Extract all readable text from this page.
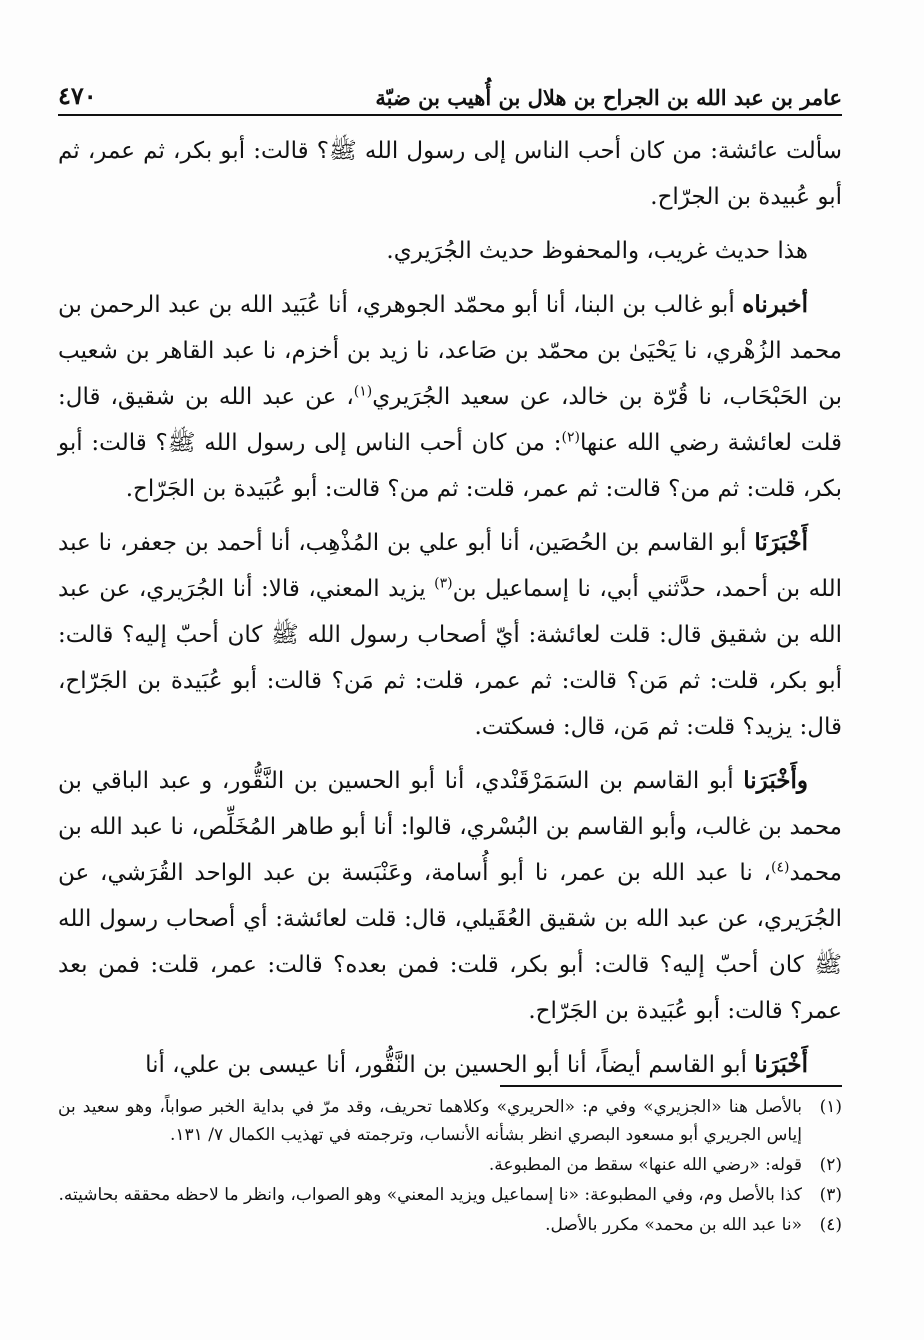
عامر بن عبد الله بن الجراح بن هلال بن أُهيب بن ضبّة
٤٧٠

سألت عائشة: من كان أحب الناس إلى رسول الله ﷺ؟ قالت: أبو بكر، ثم عمر، ثم أبو عُبيدة بن الجرّاح.

هذا حديث غريب، والمحفوظ حديث الجُرَيري.

أخبرناه أبو غالب بن البنا، أنا أبو محمّد الجوهري، أنا عُبَيد الله بن عبد الرحمن بن محمد الزُهْري، نا يَحْيَىٰ بن محمّد بن صَاعد، نا زيد بن أخزم، نا عبد القاهر بن شعيب بن الحَبْحَاب، نا قُرّة بن خالد، عن سعيد الجُرَيري$^{(١)}$، عن عبد الله بن شقيق، قال: قلت لعائشة رضي الله عنها$^{(٢)}$: من كان أحب الناس إلى رسول الله ﷺ؟ قالت: أبو بكر، قلت: ثم من؟ قالت: ثم عمر، قلت: ثم من؟ قالت: أبو عُبَيدة بن الجَرّاح.

أَخْبَرَنَا أبو القاسم بن الحُصَين، أنا أبو علي بن المُذْهِب، أنا أحمد بن جعفر، نا عبد الله بن أحمد، حدَّثني أبي، نا إسماعيل بن$^{(٣)}$ يزيد المعني، قالا: أنا الجُرَيري، عن عبد الله بن شقيق قال: قلت لعائشة: أيّ أصحاب رسول الله ﷺ كان أحبّ إليه؟ قالت: أبو بكر، قلت: ثم مَن؟ قالت: ثم عمر، قلت: ثم مَن؟ قالت: أبو عُبَيدة بن الجَرّاح، قال: يزيد؟ قلت: ثم مَن، قال: فسكتت.

وأَخْبَرَنا أبو القاسم بن السَمَرْقَنْدي، أنا أبو الحسين بن النَّقُّور، و عبد الباقي بن محمد بن غالب، وأبو القاسم بن البُسْري، قالوا: أنا أبو طاهر المُخَلِّص، نا عبد الله بن محمد$^{(٤)}$، نا عبد الله بن عمر، نا أبو أُسامة، وعَنْبَسة بن عبد الواحد القُرَشي، عن الجُرَيري، عن عبد الله بن شقيق العُقَيلي، قال: قلت لعائشة: أي أصحاب رسول الله ﷺ كان أحبّ إليه؟ قالت: أبو بكر، قلت: فمن بعده؟ قالت: عمر، قلت: فمن بعد عمر؟ قالت: أبو عُبَيدة بن الجَرّاح.

أَخْبَرَنا أبو القاسم أيضاً، أنا أبو الحسين بن النَّقُّور، أنا عيسى بن علي، أنا

(١)
بالأصل هنا «الجزيري» وفي م: «الحريري» وكلاهما تحريف، وقد مرّ في بداية الخبر صواباً، وهو سعيد بن إياس الجريري أبو مسعود البصري انظر بشأنه الأنساب، وترجمته في تهذيب الكمال ٧/ ١٣١.
(٢)
قوله: «رضي الله عنها» سقط من المطبوعة.
(٣)
كذا بالأصل وم، وفي المطبوعة: «نا إسماعيل ويزيد المعني» وهو الصواب، وانظر ما لاحظه محققه بحاشيته.
(٤)
«نا عبد الله بن محمد» مكرر بالأصل.
